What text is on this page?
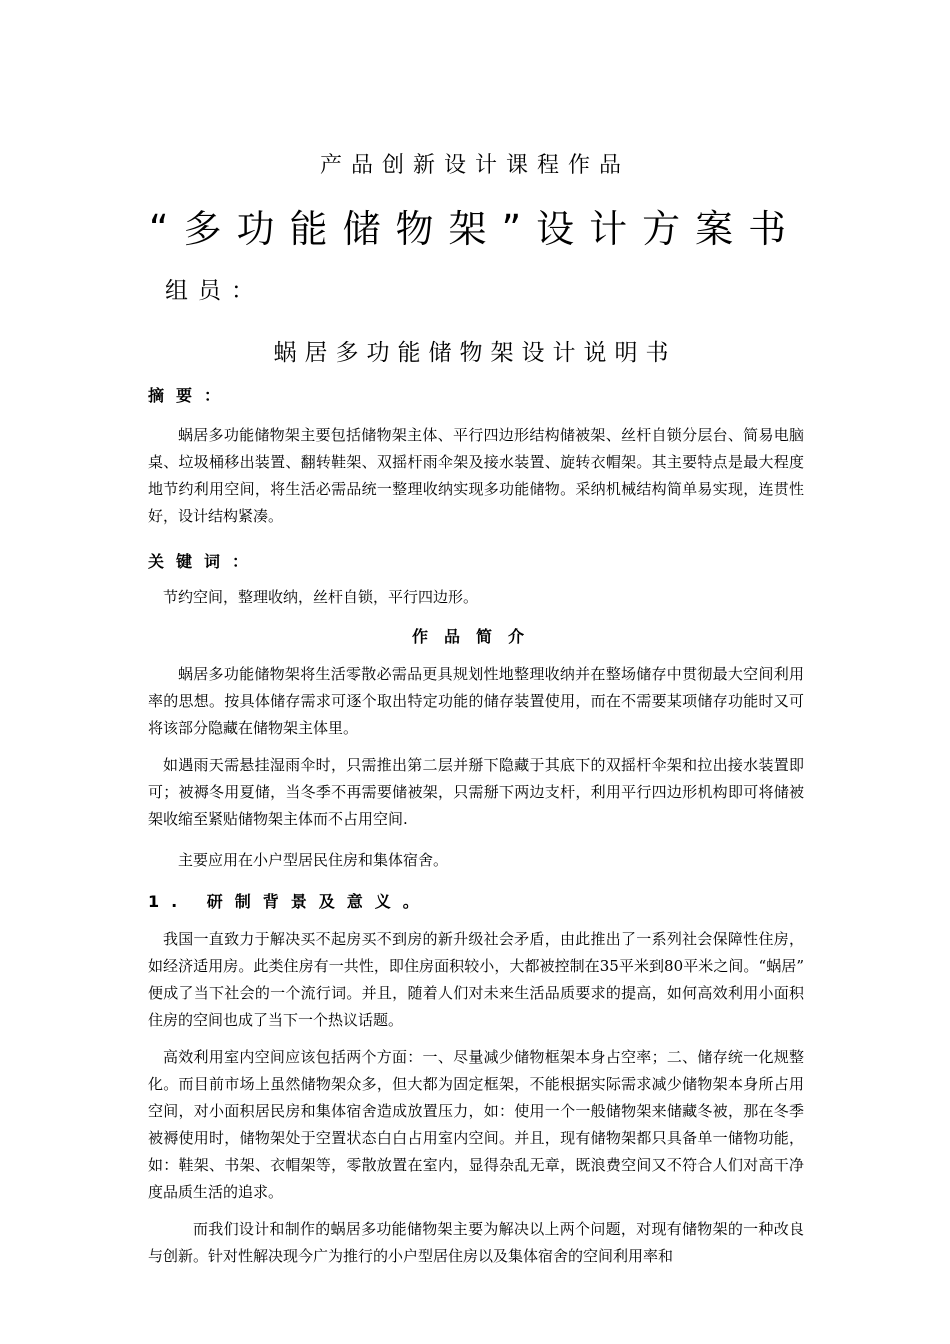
产品创新设计课程作品
“多功能储物架”设计方案书
组员：
蜗居多功能储物架设计说明书
摘要：

蜗居多功能储物架主要包括储物架主体、平行四边形结构储被架、丝杆自锁分层台、简易电脑桌、垃圾桶移出装置、翻转鞋架、双摇杆雨伞架及接水装置、旋转衣帽架。其主要特点是最大程度地节约利用空间，将生活必需品统一整理收纳实现多功能储物。采纳机械结构简单易实现，连贯性好，设计结构紧凑。

关键词：

节约空间，整理收纳，丝杆自锁，平行四边形。

作品简介

蜗居多功能储物架将生活零散必需品更具规划性地整理收纳并在整场储存中贯彻最大空间利用率的思想。按具体储存需求可逐个取出特定功能的储存装置使用，而在不需要某项储存功能时又可将该部分隐藏在储物架主体里。

如遇雨天需悬挂湿雨伞时，只需推出第二层并掰下隐藏于其底下的双摇杆伞架和拉出接水装置即可；被褥冬用夏储，当冬季不再需要储被架，只需掰下两边支杆，利用平行四边形机构即可将储被架收缩至紧贴储物架主体而不占用空间.

主要应用在小户型居民住房和集体宿舍。

1. 研制背景及意义。

我国一直致力于解决买不起房买不到房的新升级社会矛盾，由此推出了一系列社会保障性住房，如经济适用房。此类住房有一共性，即住房面积较小，大都被控制在35平米到80平米之间。“蜗居” 便成了当下社会的一个流行词。并且，随着人们对未来生活品质要求的提高，如何高效利用小面积住房的空间也成了当下一个热议话题。

高效利用室内空间应该包括两个方面：一、尽量减少储物框架本身占空率；二、储存统一化规整化。而目前市场上虽然储物架众多，但大都为固定框架，不能根据实际需求减少储物架本身所占用空间，对小面积居民房和集体宿舍造成放置压力，如：使用一个一般储物架来储藏冬被，那在冬季被褥使用时，储物架处于空置状态白白占用室内空间。并且，现有储物架都只具备单一储物功能，如：鞋架、书架、衣帽架等，零散放置在室内，显得杂乱无章，既浪费空间又不符合人们对高干净度品质生活的追求。

而我们设计和制作的蜗居多功能储物架主要为解决以上两个问题，对现有储物架的一种改良与创新。针对性解决现今广为推行的小户型居住房以及集体宿舍的空间利用率和
